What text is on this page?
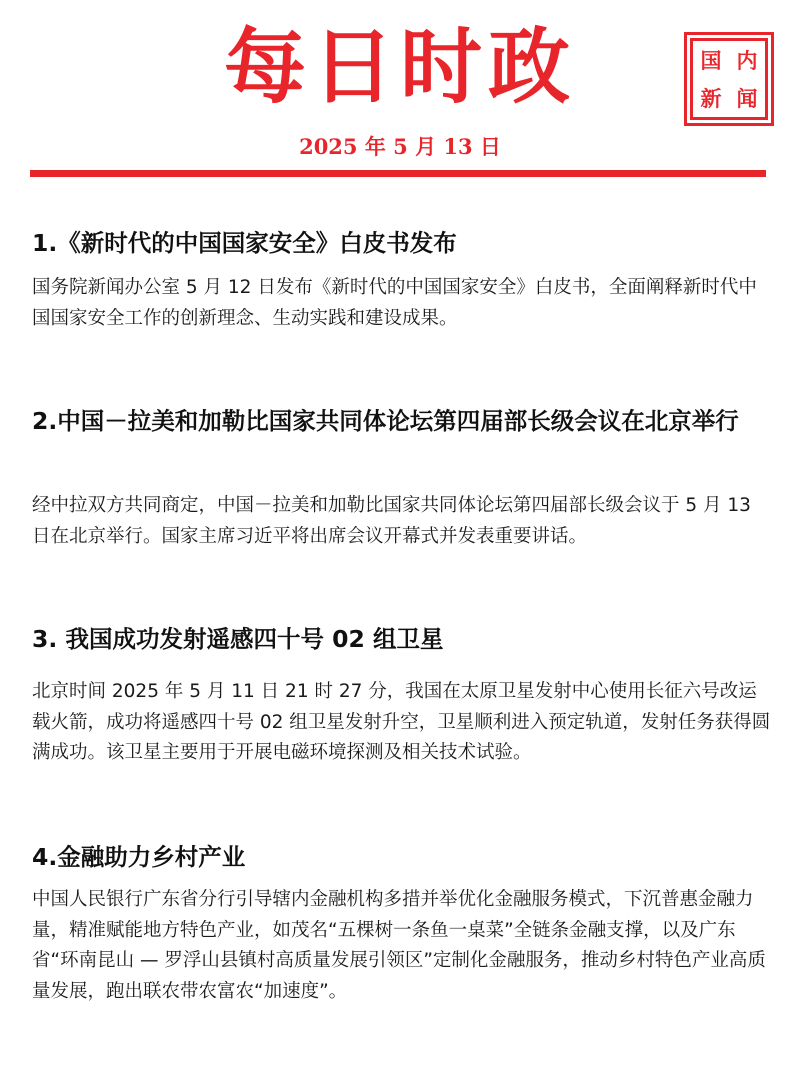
每日时政	国 内
新 闻
2025 年 5 月 13 日
1.《新时代的中国国家安全》白皮书发布
国务院新闻办公室 5 月 12 日发布《新时代的中国国家安全》白皮书，全面阐释新时代中国国家安全工作的创新理念、生动实践和建设成果。
2.中国－拉美和加勒比国家共同体论坛第四届部长级会议在北京举行
经中拉双方共同商定，中国－拉美和加勒比国家共同体论坛第四届部长级会议于 5 月 13 日在北京举行。国家主席习近平将出席会议开幕式并发表重要讲话。
3. 我国成功发射遥感四十号 02 组卫星
北京时间 2025 年 5 月 11 日 21 时 27 分，我国在太原卫星发射中心使用长征六号改运载火箭，成功将遥感四十号 02 组卫星发射升空，卫星顺利进入预定轨道，发射任务获得圆满成功。该卫星主要用于开展电磁环境探测及相关技术试验。
4.金融助力乡村产业
中国人民银行广东省分行引导辖内金融机构多措并举优化金融服务模式，下沉普惠金融力量，精准赋能地方特色产业，如茂名“五棵树一条鱼一桌菜”全链条金融支撑，以及广东省“环南昆山 — 罗浮山县镇村高质量发展引领区”定制化金融服务，推动乡村特色产业高质量发展，跑出联农带农富农“加速度”。
